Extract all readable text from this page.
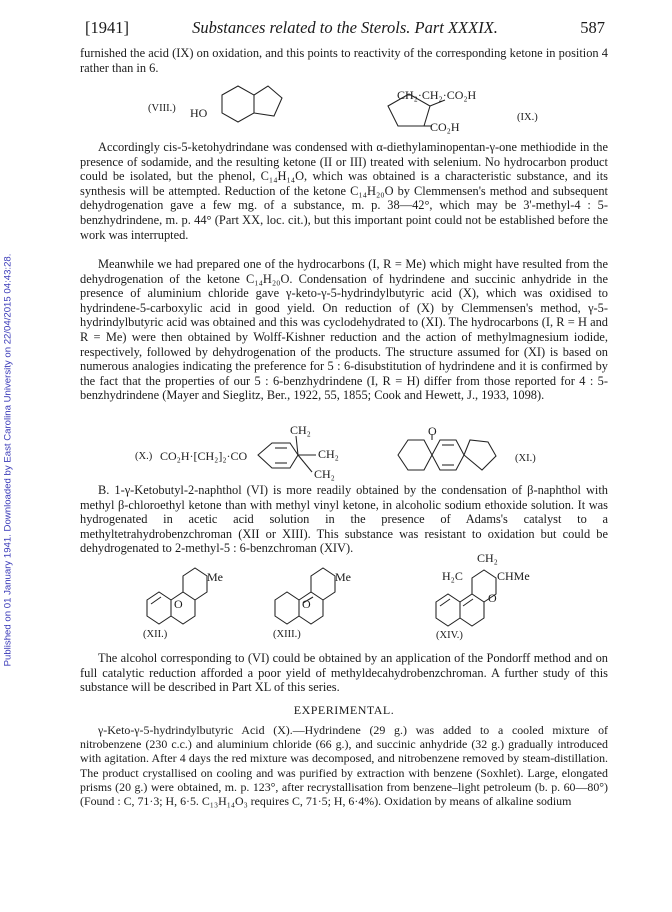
Published on 01 January 1941. Downloaded by East Carolina University on 22/04/2015 04:43:28.
[1941]	Substances related to the Sterols. Part XXXIX.	587

furnished the acid (IX) on oxidation, and this points to reactivity of the corresponding ketone in position 4 rather than in 6.

(VIII.) HO
CH₂·CH₂·CO₂H
CO₂H
(IX.)

Accordingly cis-5-ketohydrindane was condensed with α-diethylaminopentan-γ-one methiodide in the presence of sodamide, and the resulting ketone (II or III) treated with selenium. No hydrocarbon product could be isolated, but the phenol, C₁₄H₁₄O, which was obtained is a characteristic substance, and its synthesis will be attempted. Reduction of the ketone C₁₄H₂₀O by Clemmensen's method and subsequent dehydrogenation gave a few mg. of a substance, m. p. 38—42°, which may be 3'-methyl-4 : 5-benzhydrindene, m. p. 44° (Part XX, loc. cit.), but this important point could not be established before the work was interrupted.

Meanwhile we had prepared one of the hydrocarbons (I, R = Me) which might have resulted from the dehydrogenation of the ketone C₁₄H₂₀O. Condensation of hydrindene and succinic anhydride in the presence of aluminium chloride gave γ-keto-γ-5-hydrindylbutyric acid (X), which was oxidised to hydrindene-5-carboxylic acid in good yield. On reduction of (X) by Clemmensen's method, γ-5-hydrindylbutyric acid was obtained and this was cyclodehydrated to (XI). The hydrocarbons (I, R = H and R = Me) were then obtained by Wolff-Kishner reduction and the action of methylmagnesium iodide, respectively, followed by dehydrogenation of the products. The structure assumed for (XI) is based on numerous analogies indicating the preference for 5 : 6-disubstitution of hydrindene and it is confirmed by the fact that the properties of our 5 : 6-benzhydrindene (I, R = H) differ from those reported for 4 : 5-benzhydrindene (Mayer and Sieglitz, Ber., 1922, 55, 1855; Cook and Hewett, J., 1933, 1098).

(X.) CO₂H·[CH₂]₂·CO
CH₂
CH₂
CH₂
O
(XI.)

B. 1-γ-Ketobutyl-2-naphthol (VI) is more readily obtained by the condensation of β-naphthol with methyl β-chloroethyl ketone than with methyl vinyl ketone, in alcoholic sodium ethoxide solution. It was hydrogenated in acetic acid solution in the presence of Adams's catalyst to a methyltetrahydrobenzchroman (XII or XIII). This substance was resistant to oxidation but could be dehydrogenated to 2-methyl-5 : 6-benzchroman (XIV).

Me
O
(XII.)
Me
O
(XIII.)
CH₂
H₂C	CHMe
O
(XIV.)

The alcohol corresponding to (VI) could be obtained by an application of the Pondorff method and on full catalytic reduction afforded a poor yield of methyldecahydrobenzchroman. A further study of this substance will be described in Part XL of this series.

EXPERIMENTAL.

γ-Keto-γ-5-hydrindylbutyric Acid (X).—Hydrindene (29 g.) was added to a cooled mixture of nitrobenzene (230 c.c.) and aluminium chloride (66 g.), and succinic anhydride (32 g.) gradually introduced with agitation. After 4 days the red mixture was decomposed, and nitrobenzene removed by steam-distillation. The product crystallised on cooling and was purified by extraction with benzene (Soxhlet). Large, elongated prisms (20 g.) were obtained, m. p. 123°, after recrystallisation from benzene–light petroleum (b. p. 60—80°) (Found : C, 71·3; H, 6·5. C₁₃H₁₄O₃ requires C, 71·5; H, 6·4%). Oxidation by means of alkaline sodium
